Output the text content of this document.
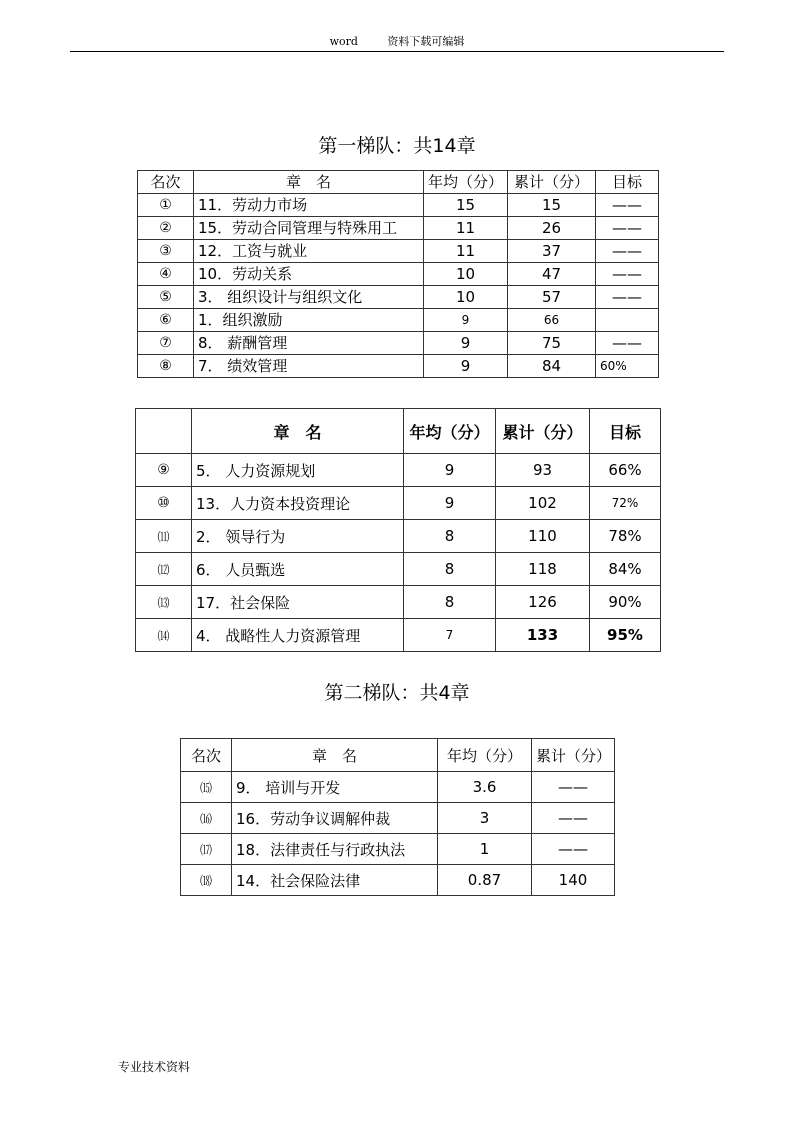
word	资料下载可编辑
第一梯队：共14章
名次	章　名	年均（分）	累计（分）	目标
①	11．劳动力市场	15	15	——
②	15．劳动合同管理与特殊用工	11	26	——
③	12．工资与就业	11	37	——
④	10．劳动关系	10	47	——
⑤	3． 组织设计与组织文化	10	57	——
⑥	1．组织激励	9	66	
⑦	8． 薪酬管理	9	75	——
⑧	7． 绩效管理	9	84	60%
	章　名	年均（分）	累计（分）	目标
⑨	5． 人力资源规划	9	93	66%
⑩	13．人力资本投资理论	9	102	72%
⑾	2． 领导行为	8	110	78%
⑿	6． 人员甄选	8	118	84%
⒀	17．社会保险	8	126	90%
⒁	4． 战略性人力资源管理	7	133	95%
第二梯队：共4章
名次	章　名	年均（分）	累计（分）
⒂	9． 培训与开发	3.6	——
⒃	16．劳动争议调解仲裁	3	——
⒄	18．法律责任与行政执法	1	——
⒅	14．社会保险法律	0.87	140
专业技术资料
